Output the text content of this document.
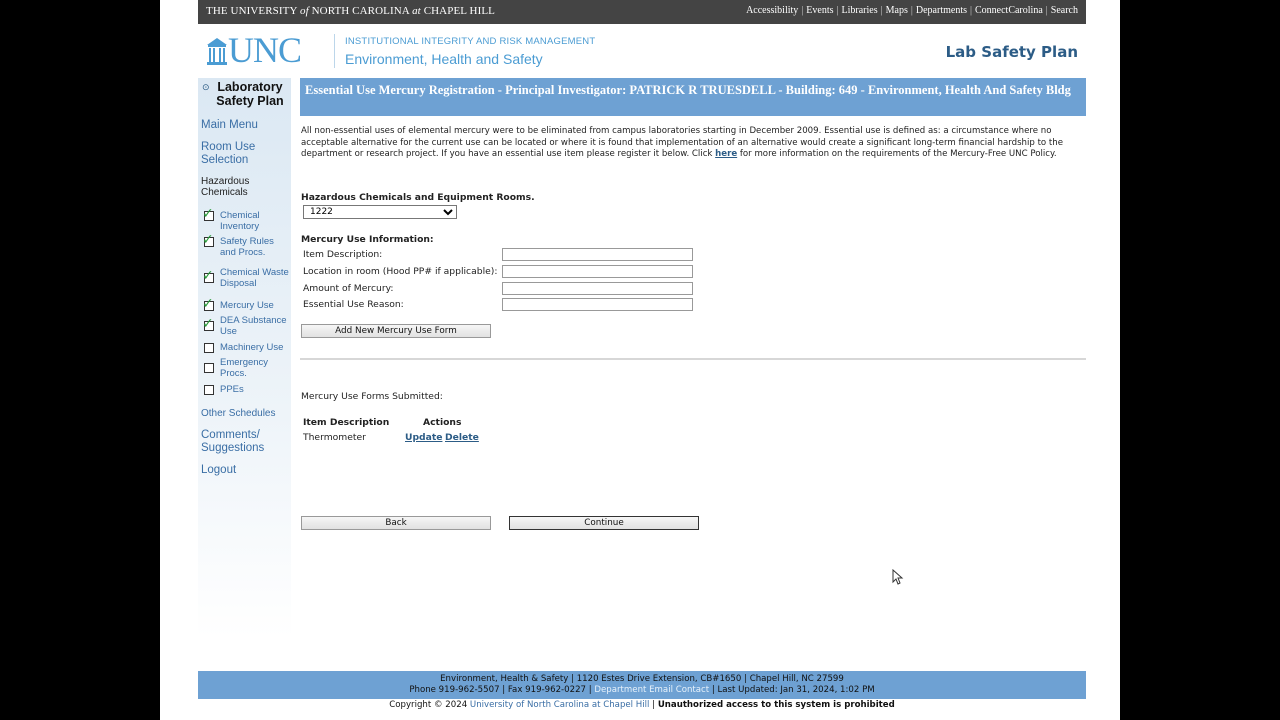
THE UNIVERSITY of NORTH CAROLINA at CHAPEL HILL	Accessibility | Events | Libraries | Maps | Departments | ConnectCarolina | Search
UNC	INSTITUTIONAL INTEGRITY AND RISK MANAGEMENT
Environment, Health and Safety	Lab Safety Plan
⊙ Laboratory Safety Plan
Main Menu
Room Use Selection
Hazardous Chemicals
✓ Chemical Inventory
✓ Safety Rules and Procs.
✓ Chemical Waste Disposal
✓ Mercury Use
✓ DEA Substance Use
Machinery Use
Emergency Procs.
PPEs
Other Schedules
Comments/ Suggestions
Logout
Essential Use Mercury Registration - Principal Investigator: PATRICK R TRUESDELL - Building: 649 - Environment, Health And Safety Bldg
All non-essential uses of elemental mercury were to be eliminated from campus laboratories starting in December 2009. Essential use is defined as: a circumstance where no acceptable alternative for the current use can be located or where it is found that implementation of an alternative would create a significant long-term financial hardship to the department or research project. If you have an essential use item please register it below. Click here for more information on the requirements of the Mercury-Free UNC Policy.
Hazardous Chemicals and Equipment Rooms.
1222
Mercury Use Information:
Item Description:
Location in room (Hood PP# if applicable):
Amount of Mercury:
Essential Use Reason:
Add New Mercury Use Form
Mercury Use Forms Submitted:
Item Description	Actions
Thermometer	Update Delete
Back	Continue
Environment, Health & Safety | 1120 Estes Drive Extension, CB#1650 | Chapel Hill, NC 27599
Phone 919-962-5507 | Fax 919-962-0227 | Department Email Contact | Last Updated: Jan 31, 2024, 1:02 PM
Copyright © 2024 University of North Carolina at Chapel Hill | Unauthorized access to this system is prohibited
